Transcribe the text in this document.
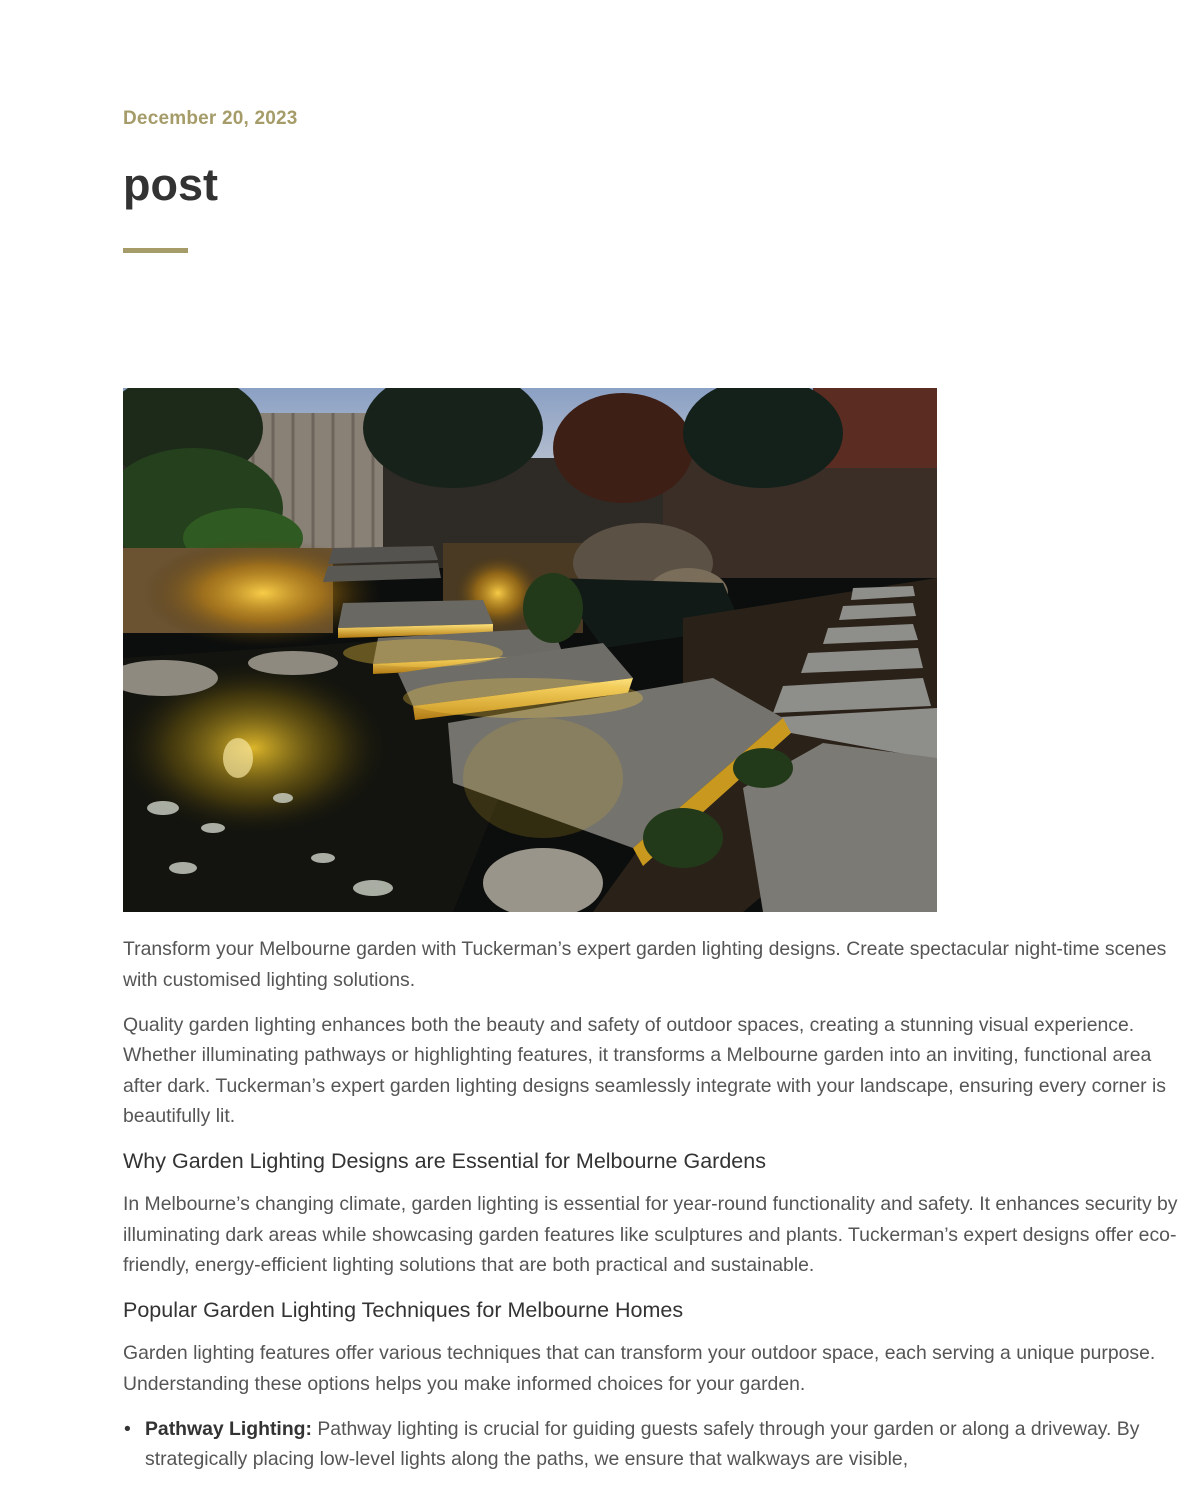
December 20, 2023
post

Transform your Melbourne garden with Tuckerman’s expert garden lighting designs. Create spectacular night-time scenes with customised lighting solutions.

Quality garden lighting enhances both the beauty and safety of outdoor spaces, creating a stunning visual experience. Whether illuminating pathways or highlighting features, it transforms a Melbourne garden into an inviting, functional area after dark. Tuckerman’s expert garden lighting designs seamlessly integrate with your landscape, ensuring every corner is beautifully lit.

Why Garden Lighting Designs are Essential for Melbourne Gardens

In Melbourne’s changing climate, garden lighting is essential for year-round functionality and safety. It enhances security by illuminating dark areas while showcasing garden features like sculptures and plants. Tuckerman’s expert designs offer eco-friendly, energy-efficient lighting solutions that are both practical and sustainable.

Popular Garden Lighting Techniques for Melbourne Homes

Garden lighting features offer various techniques that can transform your outdoor space, each serving a unique purpose. Understanding these options helps you make informed choices for your garden.

• Pathway Lighting: Pathway lighting is crucial for guiding guests safely through your garden or along a driveway. By strategically placing low-level lights along the paths, we ensure that walkways are visible,
